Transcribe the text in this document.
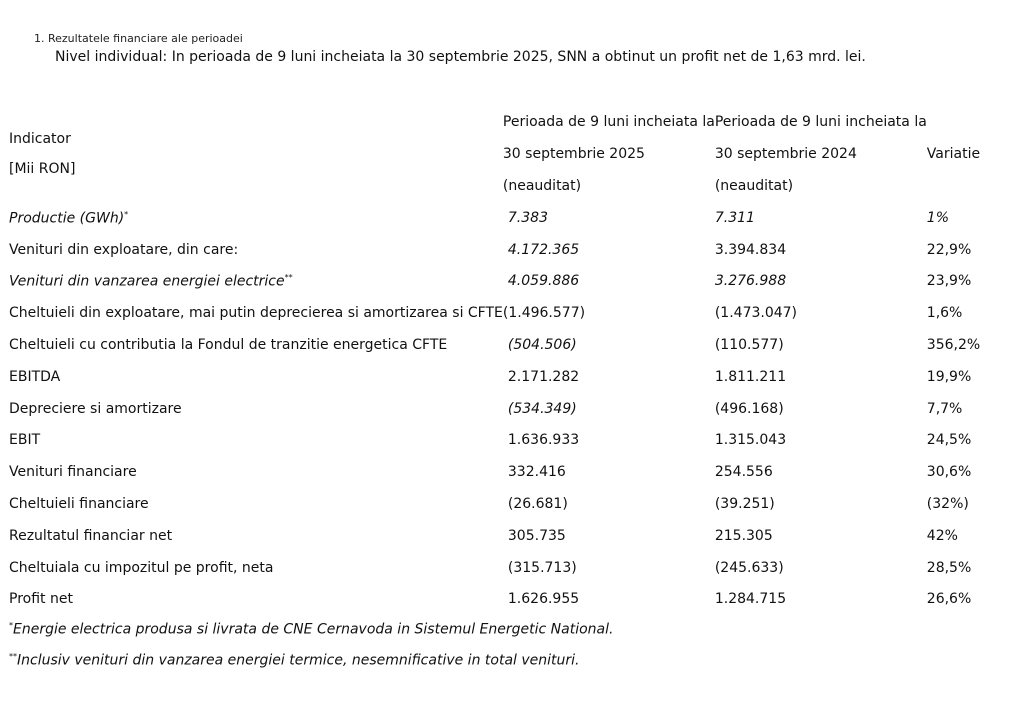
1. Rezultatele financiare ale perioadei
Nivel individual: In perioada de 9 luni incheiata la 30 septembrie 2025, SNN a obtinut un profit net de 1,63 mrd. lei.
Indicator
[Mii RON]	Perioada de 9 luni incheiata la	Perioada de 9 luni incheiata la	
	30 septembrie 2025	30 septembrie 2024	Variatie
	(neauditat)	(neauditat)	
Productie (GWh)*	7.383	7.311	1%
Venituri din exploatare, din care:	4.172.365	3.394.834	22,9%
Venituri din vanzarea energiei electrice**	4.059.886	3.276.988	23,9%
Cheltuieli din exploatare, mai putin deprecierea si amortizarea si CFTE	(1.496.577)	(1.473.047)	1,6%
Cheltuieli cu contributia la Fondul de tranzitie energetica CFTE	(504.506)	(110.577)	356,2%
EBITDA	2.171.282	1.811.211	19,9%
Depreciere si amortizare	(534.349)	(496.168)	7,7%
EBIT	1.636.933	1.315.043	24,5%
Venituri financiare	332.416	254.556	30,6%
Cheltuieli financiare	(26.681)	(39.251)	(32%)
Rezultatul financiar net	305.735	215.305	42%
Cheltuiala cu impozitul pe profit, neta	(315.713)	(245.633)	28,5%
Profit net	1.626.955	1.284.715	26,6%
*Energie electrica produsa si livrata de CNE Cernavoda in Sistemul Energetic National.
**Inclusiv venituri din vanzarea energiei termice, nesemnificative in total venituri.
